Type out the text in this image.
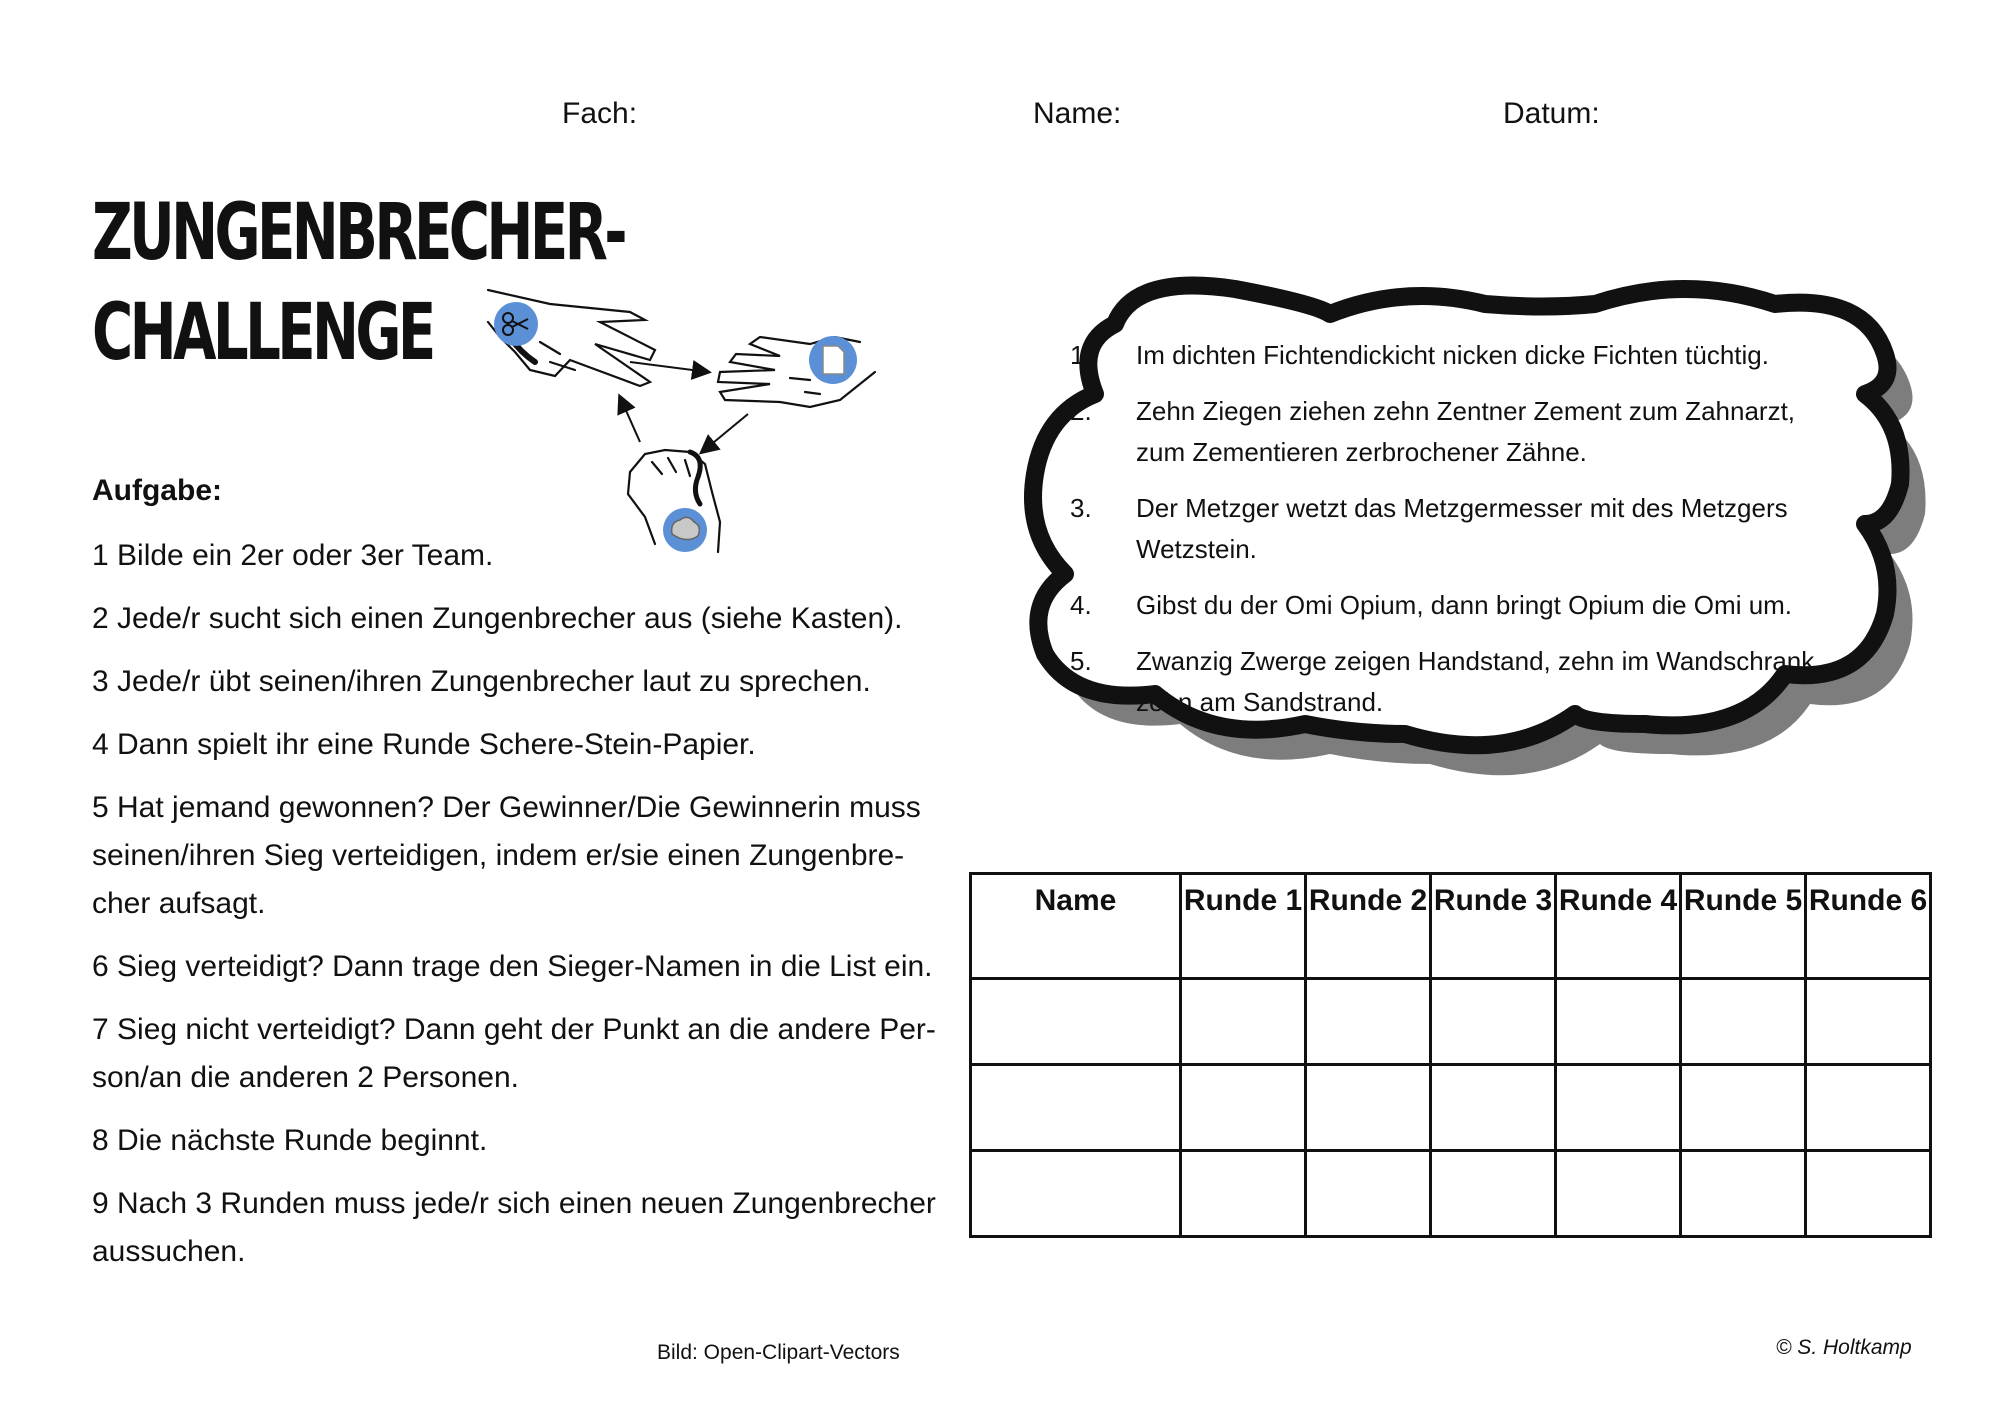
Fach:	Name:	Datum:
ZUNGENBRECHER-
CHALLENGE
Aufgabe:

1 Bilde ein 2er oder 3er Team.

2 Jede/r sucht sich einen Zungenbrecher aus (siehe Kasten).

3 Jede/r übt seinen/ihren Zungenbrecher laut zu sprechen.

4 Dann spielt ihr eine Runde Schere-Stein-Papier.

5 Hat jemand gewonnen? Der Gewinner/Die Gewinnerin muss seinen/ihren Sieg verteidigen, indem er/sie einen Zungenbre-cher aufsagt.

6 Sieg verteidigt? Dann trage den Sieger-Namen in die List ein.

7 Sieg nicht verteidigt? Dann geht der Punkt an die andere Per-son/an die anderen 2 Personen.

8 Die nächste Runde beginnt.

9 Nach 3 Runden muss jede/r sich einen neuen Zungenbrecher aussuchen.

1.	Im dichten Fichtendickicht nicken dicke Fichten tüchtig.
2.	Zehn Ziegen ziehen zehn Zentner Zement zum Zahnarzt, zum Zementieren zerbrochener Zähne.
3.	Der Metzger wetzt das Metzgermesser mit des Metzgers Wetzstein.
4.	Gibst du der Omi Opium, dann bringt Opium die Omi um.
5.	Zwanzig Zwerge zeigen Handstand, zehn im Wandschrank, zehn am Sandstrand.
Name	Runde 1	Runde 2	Runde 3	Runde 4	Runde 5	Runde 6

Bild: Open-Clipart-Vectors	© S. Holtkamp
